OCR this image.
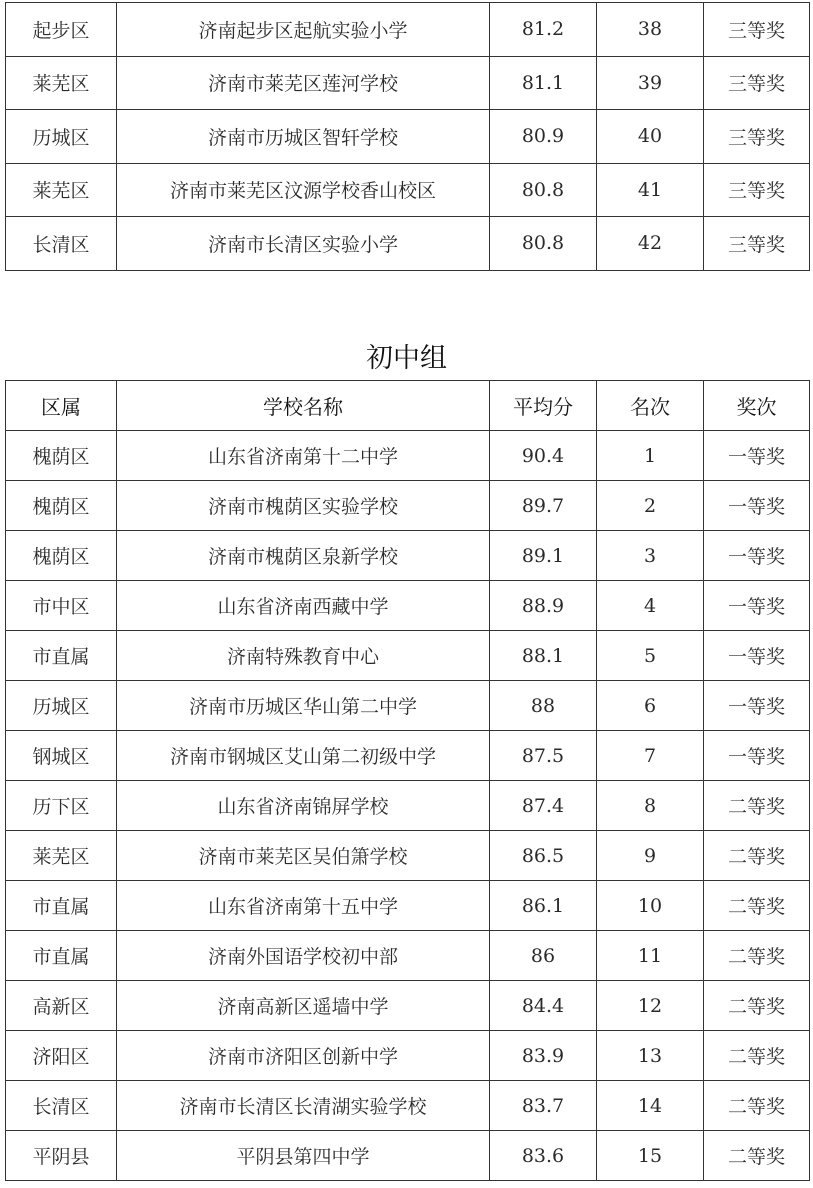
起步区	济南起步区起航实验小学	81.2	38	三等奖
莱芜区	济南市莱芜区莲河学校	81.1	39	三等奖
历城区	济南市历城区智轩学校	80.9	40	三等奖
莱芜区	济南市莱芜区汶源学校香山校区	80.8	41	三等奖
长清区	济南市长清区实验小学	80.8	42	三等奖
初中组
区属	学校名称	平均分	名次	奖次
槐荫区	山东省济南第十二中学	90.4	1	一等奖
槐荫区	济南市槐荫区实验学校	89.7	2	一等奖
槐荫区	济南市槐荫区泉新学校	89.1	3	一等奖
市中区	山东省济南西藏中学	88.9	4	一等奖
市直属	济南特殊教育中心	88.1	5	一等奖
历城区	济南市历城区华山第二中学	88	6	一等奖
钢城区	济南市钢城区艾山第二初级中学	87.5	7	一等奖
历下区	山东省济南锦屏学校	87.4	8	二等奖
莱芜区	济南市莱芜区吴伯箫学校	86.5	9	二等奖
市直属	山东省济南第十五中学	86.1	10	二等奖
市直属	济南外国语学校初中部	86	11	二等奖
高新区	济南高新区遥墙中学	84.4	12	二等奖
济阳区	济南市济阳区创新中学	83.9	13	二等奖
长清区	济南市长清区长清湖实验学校	83.7	14	二等奖
平阴县	平阴县第四中学	83.6	15	二等奖
